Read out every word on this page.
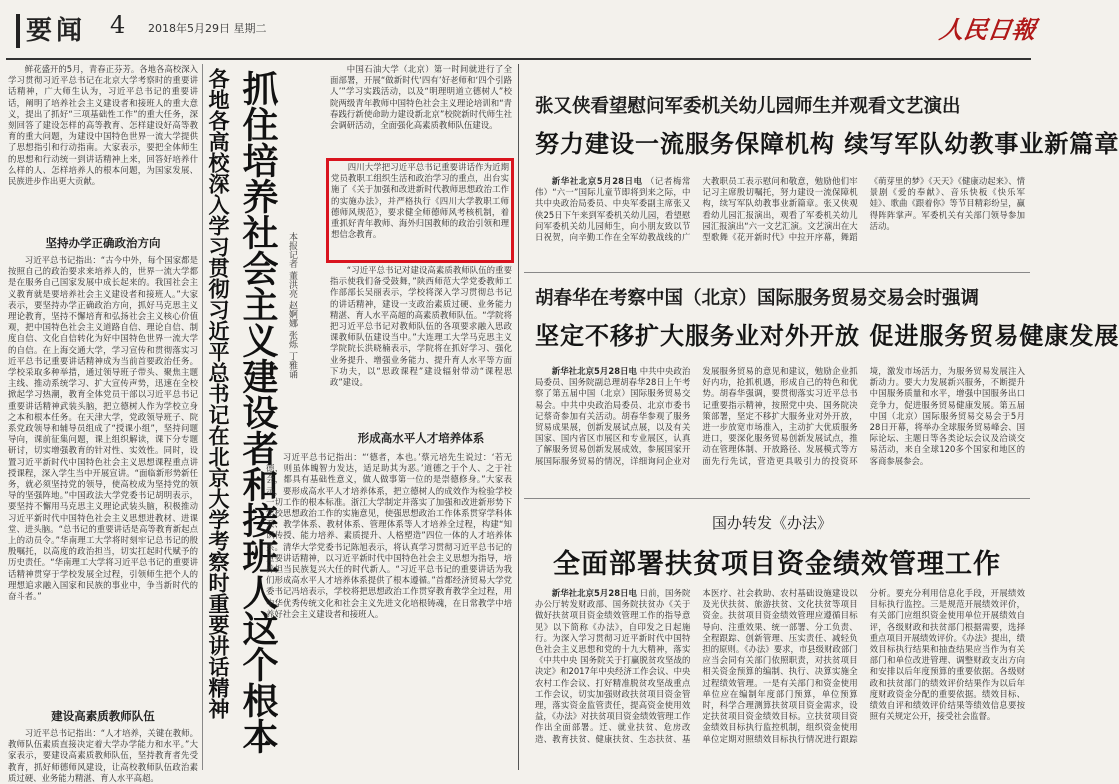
要闻 4 2018年5月29日 星期二	人民日報

鲜花盛开的5月，青春正芬芳。各地各高校深入学习贯彻习近平总书记在北京大学考察时的重要讲话精神，广大师生认为，习近平总书记的重要讲话，阐明了培养社会主义建设者和接班人的重大意义，提出了抓好“三项基础性工作”的重大任务，深刻回答了建设怎样的高等教育、怎样建设好高等教育的重大问题，为建设中国特色世界一流大学提供了思想指引和行动指南。大家表示，要把全体师生的思想和行动统一到讲话精神上来，回答好培养什么样的人、怎样培养人的根本问题，为国家发展、民族进步作出更大贡献。

坚持办学正确政治方向

习近平总书记指出：“古今中外，每个国家都是按照自己的政治要求来培养人的，世界一流大学都是在服务自己国家发展中成长起来的。我国社会主义教育就是要培养社会主义建设者和接班人。”大家表示，要坚持办学正确政治方向，抓好马克思主义理论教育，坚持不懈培育和弘扬社会主义核心价值观，把中国特色社会主义道路自信、理论自信、制度自信、文化自信转化为好中国特色世界一流大学的自信。在上海交通大学，学习宣传和贯彻落实习近平总书记重要讲话精神成为当前首要政治任务。学校采取多种举措，通过领导班子带头、聚焦主题主线、推动系统学习、扩大宣传声势，迅速在全校掀起学习热潮，教育全体党员干部以习近平总书记重要讲话精神武装头脑，把立德树人作为学校立身之本和根本任务。在天津大学，党政领导班子、院系党政领导和辅导员组成了“授课小组”，坚持问题导向，课前征集问题，课上组织解读，课下分专题研讨，切实增强教育的针对性、实效性。同时，设置习近平新时代中国特色社会主义思想课程重点讲授课程，深入学生当中开展宣讲。“面临新形势新任务，就必须坚持党的领导，使高校成为坚持党的领导的坚强阵地。”中国政法大学党委书记胡明表示，要坚持不懈用马克思主义理论武装头脑，积极推动习近平新时代中国特色社会主义思想进教材、进课堂、进头脑。“总书记的重要讲话是高等教育新起点上的动员令。”华南理工大学将时刻牢记总书记的殷殷嘱托，以高度的政治担当，切实扛起时代赋予的历史责任。“华南理工大学将习近平总书记的重要讲话精神贯穿于学校发展全过程，引领师生把个人的理想追求融入国家和民族的事业中，争当新时代的奋斗者。”

建设高素质教师队伍

习近平总书记指出：“人才培养，关键在教师。教师队伍素质直接决定着大学办学能力和水平。”大家表示，要建设高素质教师队伍，坚持教育者先受教育，抓好师德师风建设，让高校教师队伍政治素质过硬、业务能力精湛、育人水平高超。

各地各高校深入学习贯彻习近平总书记在北京大学考察时重要讲话精神 抓住培养社会主义建设者和接班人这个根本 本报记者 董洪亮 赵婀娜 张烁 丁雅诵

中国石油大学（北京）第一时间就进行了全面部署，开展“做新时代‘四有’好老师和‘四个引路人’”学习实践活动，以及“明理明道立德树人”校院两级青年教师中国特色社会主义理论培训和“青春践行新使命助力建设新北京”校院新时代师生社会调研活动，全面强化高素质教师队伍建设。

四川大学把习近平总书记重要讲话作为近期党员教职工组织生活和政治学习的重点，出台实施了《关于加强和改进新时代教师思想政治工作的实施办法》，并严格执行《四川大学教职工师德师风规范》，要求健全师德师风考核机制，着重抓好青年教师、海外归国教师的政治引领和理想信念教育。

“习近平总书记对建设高素质教师队伍的重要指示使我们备受鼓舞，”陕西师范大学党委教师工作部部长吴丽表示，学校将深入学习贯彻总书记的讲话精神，建设一支政治素质过硬、业务能力精湛、育人水平高超的高素质教师队伍。“学院将把习近平总书记对教师队伍的各项要求融入思政课教师队伍建设当中。”大连理工大学马克思主义学院院长洪晓楠表示，学院将在抓好学习、强化业务提升、增强业务能力、提升育人水平等方面下功夫，以“思政课程”建设辐射带动“课程思政”建设。

形成高水平人才培养体系

习近平总书记指出：“‘德者，本也。’蔡元培先生说过：‘若无德，则虽体魄智力发达，适足助其为恶。’道德之于个人、之于社会，都具有基础性意义，做人做事第一位的是崇德修身。”大家表示，要形成高水平人才培养体系，把立德树人的成效作为检验学校一切工作的根本标准。浙江大学制定并落实了加强和改进新形势下学校思想政治工作的实施意见，使强思想政治工作体系贯穿学科体系、教学体系、教材体系、管理体系等人才培养全过程，构建“知识传授、能力培养、素质提升、人格塑造”四位一体的人才培养体系。清华大学党委书记陈旭表示，将认真学习贯彻习近平总书记的重要讲话精神，以习近平新时代中国特色社会主义思想为指导，培养担当民族复兴大任的时代新人。“习近平总书记的重要讲话为我们形成高水平人才培养体系提供了根本遵循。”首都经济贸易大学党委书记冯培表示，学校将把思想政治工作贯穿教育教学全过程，用中华优秀传统文化和社会主义先进文化培根铸魂，在日常教学中培养好社会主义建设者和接班人。

张又侠看望慰问军委机关幼儿园师生并观看文艺演出
努力建设一流服务保障机构 续写军队幼教事业新篇章

新华社北京5月28日电 （记者梅常伟）“六一”国际儿童节即将到来之际，中共中央政治局委员、中央军委副主席张又侠25日下午来到军委机关幼儿园，看望慰问军委机关幼儿园师生，向小朋友致以节日祝贺，向辛勤工作在全军幼教战线的广大教职员工表示慰问和敬意，勉励他们牢记习主席殷切嘱托，努力建设一流保障机构，续写军队幼教事业新篇章。张又侠观看幼儿园汇报演出，观看了军委机关幼儿园汇报演出“六一文艺汇演。文艺演出在大型歌舞《花开新时代》中拉开序幕，舞蹈《萌芽里的梦》《天天》《健康动起来》、情景剧《爱的奉献》、音乐快板《快乐军娃》、歌曲《跟着你》等节目精彩纷呈，赢得阵阵掌声。军委机关有关部门领导参加活动。

胡春华在考察中国（北京）国际服务贸易交易会时强调
坚定不移扩大服务业对外开放 促进服务贸易健康发展

新华社北京5月28日电 中共中央政治局委员、国务院副总理胡春华28日上午考察了第五届中国（北京）国际服务贸易交易会。中共中央政治局委员、北京市委书记蔡奇参加有关活动。胡春华参观了服务贸易成果展，创新发展试点展，以及有关国家、国内省区市展区和专业展区，认真了解服务贸易创新发展成效，参展国家开展国际服务贸易的情况，详细询问企业对发展服务贸易的意见和建议，勉励企业抓好内功，抢抓机遇，形成自己的特色和优势。胡春华强调，要贯彻落实习近平总书记重要指示精神，按照党中央、国务院决策部署，坚定不移扩大服务业对外开放，进一步放宽市场准入，主动扩大优质服务进口，要深化服务贸易创新发展试点，推动在管理体制、开放路径、发展模式等方面先行先试，营造更具吸引力的投资环境，激发市场活力，为服务贸易发展注入新动力。要大力发展新兴服务，不断提升中国服务质量和水平，增强中国服务出口竞争力，促进服务贸易健康发展。第五届中国（北京）国际服务贸易交易会于5月28日开幕，将举办全球服务贸易峰会、国际论坛、主题日等各类论坛会议及洽谈交易活动，来自全球120多个国家和地区的客商参展参会。

国办转发《办法》
全面部署扶贫项目资金绩效管理工作

新华社北京5月28日电 日前，国务院办公厅转发财政部、国务院扶贫办《关于做好扶贫项目资金绩效管理工作的指导意见》以下简称《办法》，自印发之日起施行。为深入学习贯彻习近平新时代中国特色社会主义思想和党的十九大精神，落实《中共中央 国务院关于打赢脱贫攻坚战的决定》和2017年中央经济工作会议、中央农村工作会议、打好精准脱贫攻坚战重点工作会议，切实加强财政扶贫项目资金管理，落实资金监管责任，提高资金使用效益，《办法》对扶贫项目资金绩效管理工作作出全面部署。迁、就业扶贫、危房改造、教育扶贫、健康扶贫、生态扶贫、基本医疗、社会救助、农村基础设施建设以及光伏扶贫、旅游扶贫、文化扶贫等项目资金。扶贫项目资金绩效管理应遵循目标导向、注重效果、统一部署、分工负责、全程跟踪、创新管理、压实责任、减轻负担的原则。《办法》要求，市县级财政部门应当会同有关部门依照职责，对扶贫项目相关资金预算的编制、执行、决算实施全过程绩效管理。一是有关部门和资金使用单位应在编制年度部门预算，单位预算时，科学合理测算扶贫项目资金需求，设定扶贫项目资金绩效目标。立扶贫项目资金绩效目标执行监控机制，组织资金使用单位定期对照绩效目标执行情况进行跟踪分析。要充分利用信息化手段，开展绩效目标执行监控。三是规范开展绩效评价，有关部门应组织资金使用单位开展绩效自评，各级财政和扶贫部门根据需要，选择重点项目开展绩效评价。《办法》提出，绩效目标执行结果和抽查结果应当作为有关部门和单位改进管理、调整财政支出方向和安排以后年度预算的重要依据。各级财政和扶贫部门的绩效评价结果作为以后年度财政资金分配的重要依据。绩效目标、绩效自评和绩效评价结果等绩效信息要按照有关规定公开，接受社会监督。
